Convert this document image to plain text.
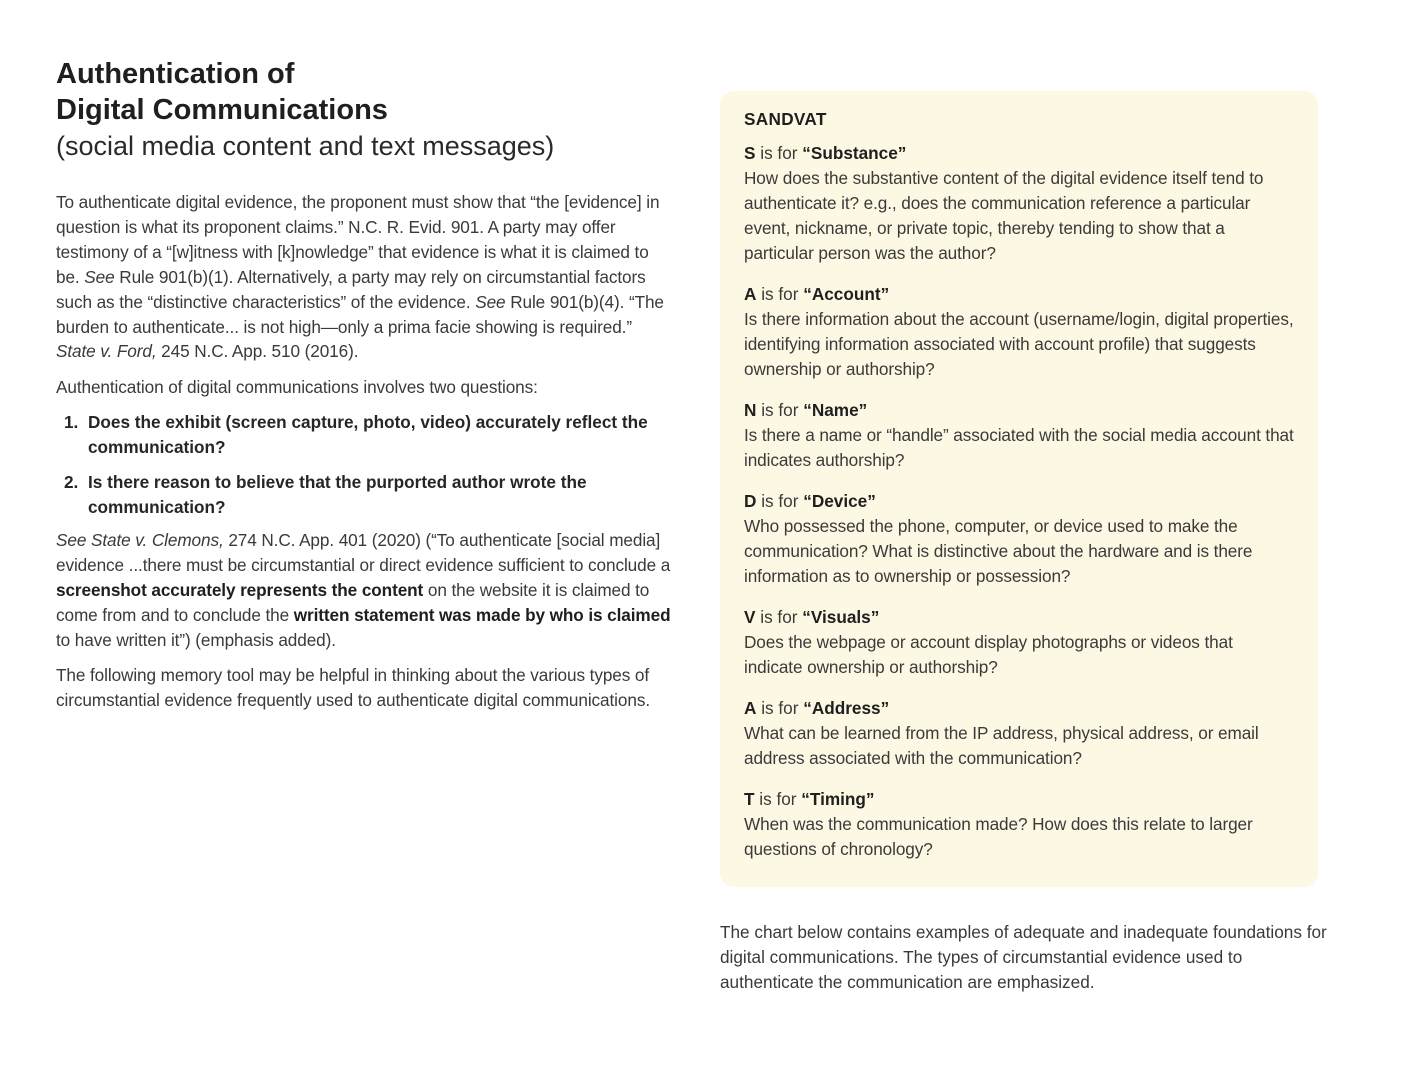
Authentication of
Digital Communications
(social media content and text messages)

To authenticate digital evidence, the proponent must show that “the [evidence] in question is what its proponent claims.” N.C. R. Evid. 901. A party may offer testimony of a “[w]itness with [k]nowledge” that evidence is what it is claimed to be. See Rule 901(b)(1). Alternatively, a party may rely on circumstantial factors such as the “distinctive characteristics” of the evidence. See Rule 901(b)(4). “The burden to authenticate... is not high—only a prima facie showing is required.” State v. Ford, 245 N.C. App. 510 (2016).

Authentication of digital communications involves two questions:

1. Does the exhibit (screen capture, photo, video) accurately reflect the communication?
2. Is there reason to believe that the purported author wrote the communication?

See State v. Clemons, 274 N.C. App. 401 (2020) (“To authenticate [social media] evidence ...there must be circumstantial or direct evidence sufficient to conclude a screenshot accurately represents the content on the website it is claimed to come from and to conclude the written statement was made by who is claimed to have written it”) (emphasis added).

The following memory tool may be helpful in thinking about the various types of circumstantial evidence frequently used to authenticate digital communications.

SANDVAT
S is for “Substance”
How does the substantive content of the digital evidence itself tend to authenticate it? e.g., does the communication reference a particular event, nickname, or private topic, thereby tending to show that a particular person was the author?
A is for “Account”
Is there information about the account (username/login, digital properties, identifying information associated with account profile) that suggests ownership or authorship?
N is for “Name”
Is there a name or “handle” associated with the social media account that indicates authorship?
D is for “Device”
Who possessed the phone, computer, or device used to make the communication? What is distinctive about the hardware and is there information as to ownership or possession?
V is for “Visuals”
Does the webpage or account display photographs or videos that indicate ownership or authorship?
A is for “Address”
What can be learned from the IP address, physical address, or email address associated with the communication?
T is for “Timing”
When was the communication made? How does this relate to larger questions of chronology?

The chart below contains examples of adequate and inadequate foundations for digital communications. The types of circumstantial evidence used to authenticate the communication are emphasized.
